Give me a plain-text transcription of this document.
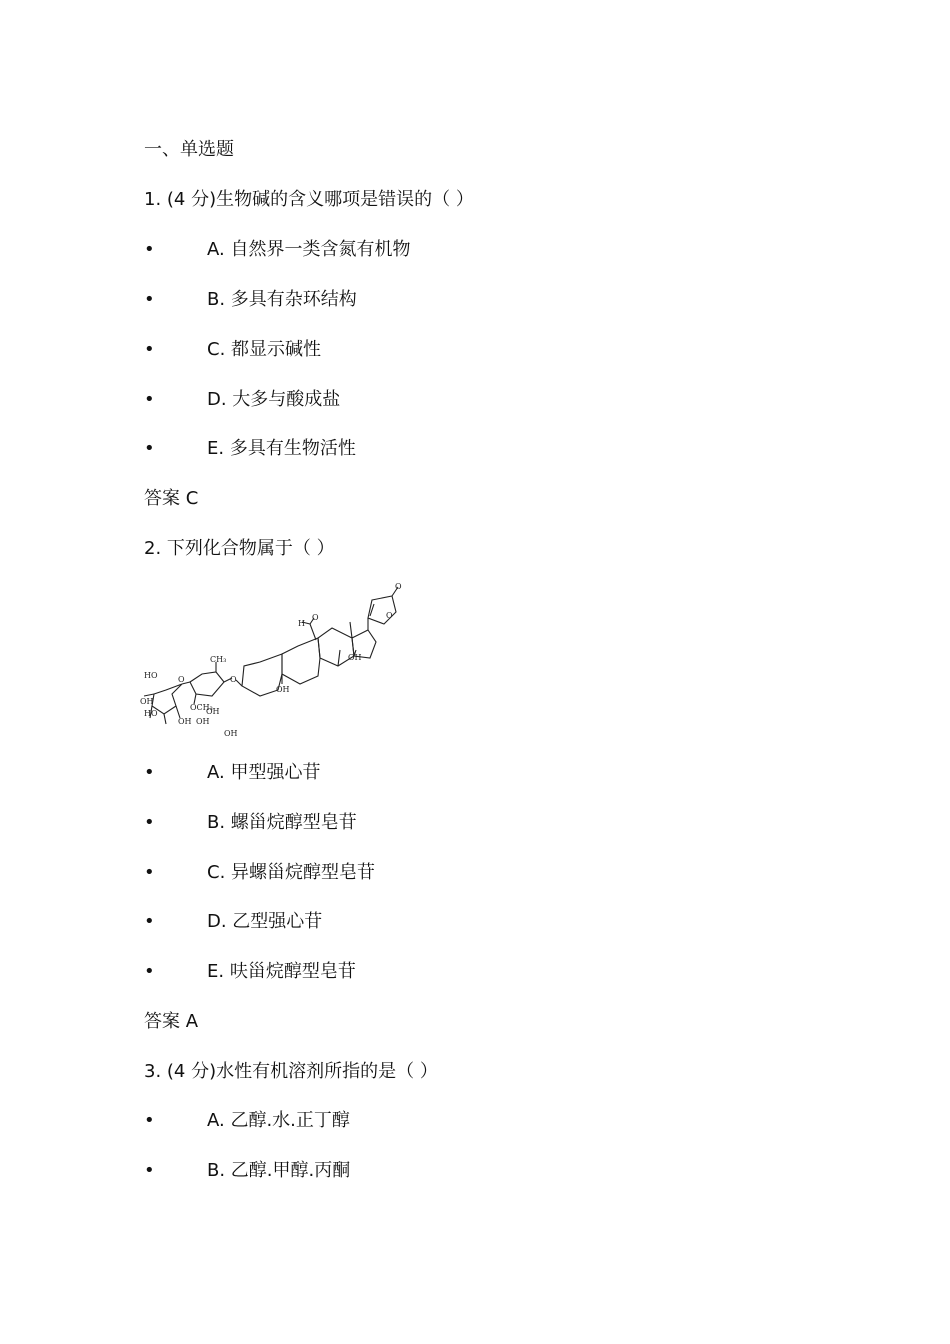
一、单选题
1. (4 分)生物碱的含义哪项是错误的（ ）
•	A. 自然界一类含氮有机物
•	B. 多具有杂环结构
•	C. 都显示碱性
•	D. 大多与酸成盐
•	E. 多具有生物活性
答案 C
2. 下列化合物属于（ ）
O
O
H
O
OH
OH
O
CH₃
OCH₃
O
HO
OH
HO
OH OH
OH
OH
•	A. 甲型强心苷
•	B. 螺甾烷醇型皂苷
•	C. 异螺甾烷醇型皂苷
•	D. 乙型强心苷
•	E. 呋甾烷醇型皂苷
答案 A
3. (4 分)水性有机溶剂所指的是（ ）
•	A. 乙醇.水.正丁醇
•	B. 乙醇.甲醇.丙酮
